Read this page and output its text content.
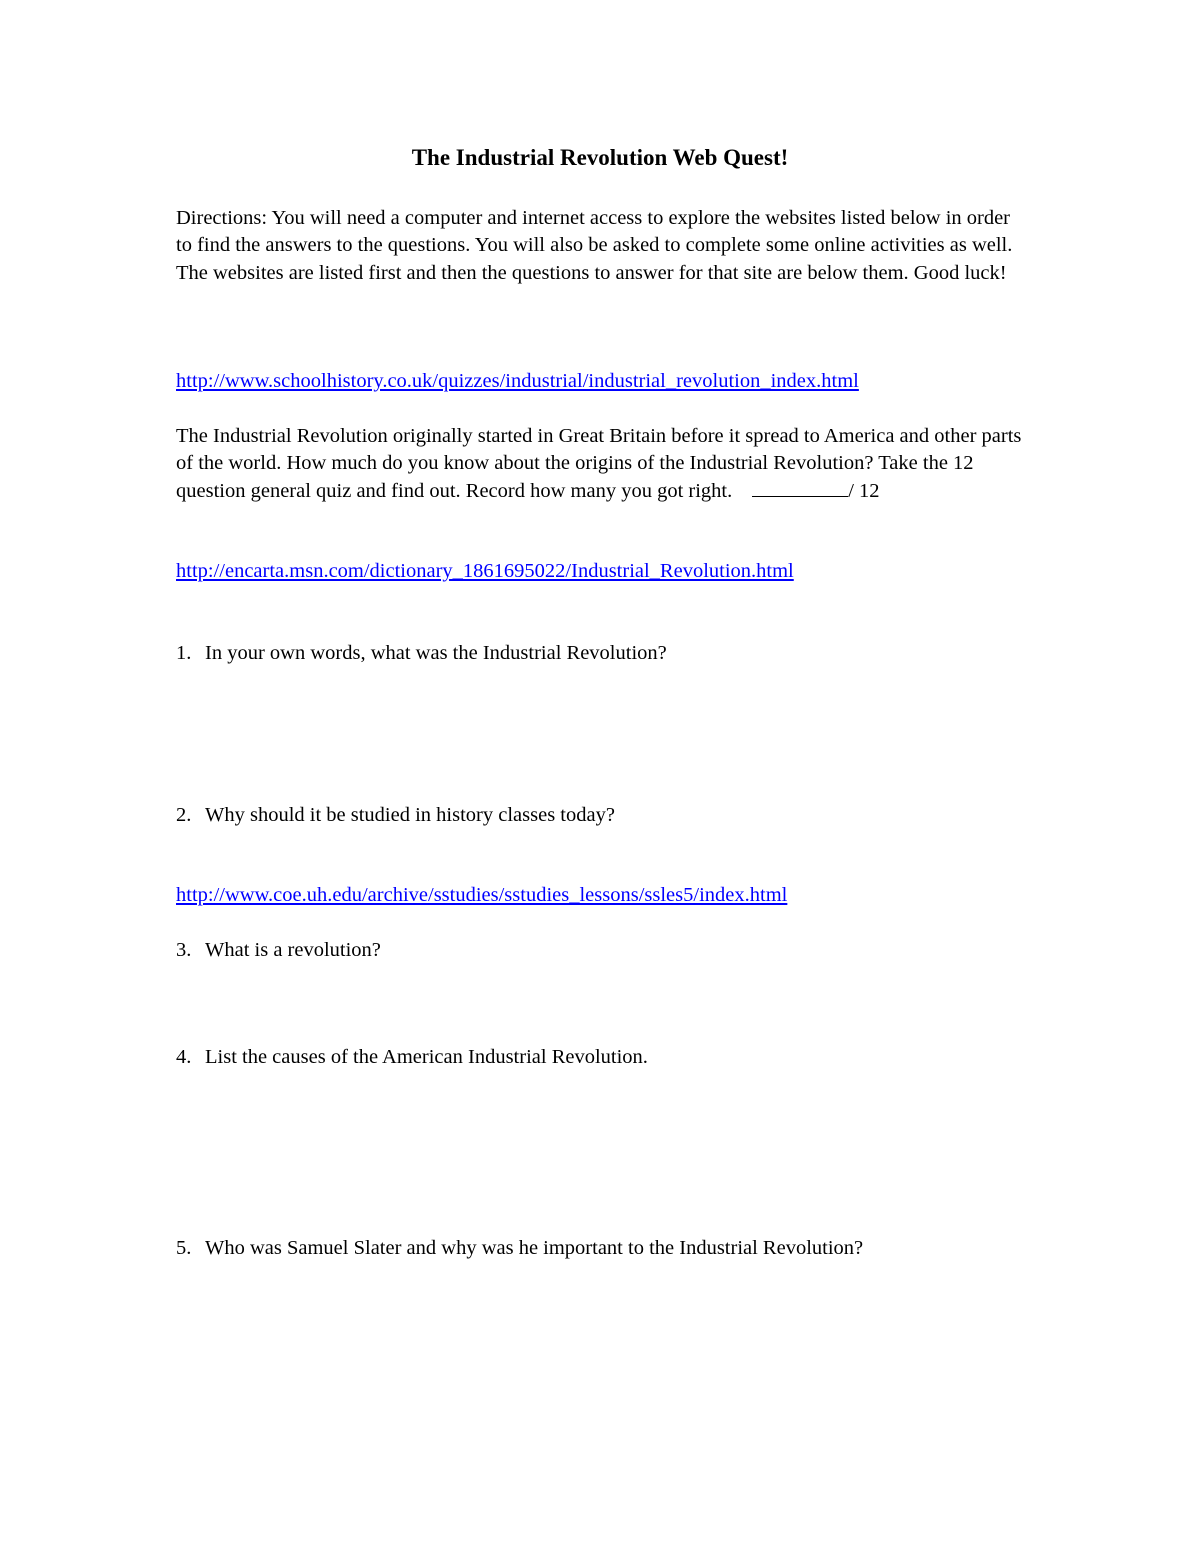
The Industrial Revolution Web Quest!

Directions: You will need a computer and internet access to explore the websites listed below in order to find the answers to the questions. You will also be asked to complete some online activities as well. The websites are listed first and then the questions to answer for that site are below them. Good luck!

http://www.schoolhistory.co.uk/quizzes/industrial/industrial_revolution_index.html

The Industrial Revolution originally started in Great Britain before it spread to America and other parts of the world. How much do you know about the origins of the Industrial Revolution? Take the 12 question general quiz and find out. Record how many you got right.	/ 12

http://encarta.msn.com/dictionary_1861695022/Industrial_Revolution.html

1. In your own words, what was the Industrial Revolution?

2. Why should it be studied in history classes today?

http://www.coe.uh.edu/archive/sstudies/sstudies_lessons/ssles5/index.html

3. What is a revolution?

4. List the causes of the American Industrial Revolution.

5. Who was Samuel Slater and why was he important to the Industrial Revolution?
